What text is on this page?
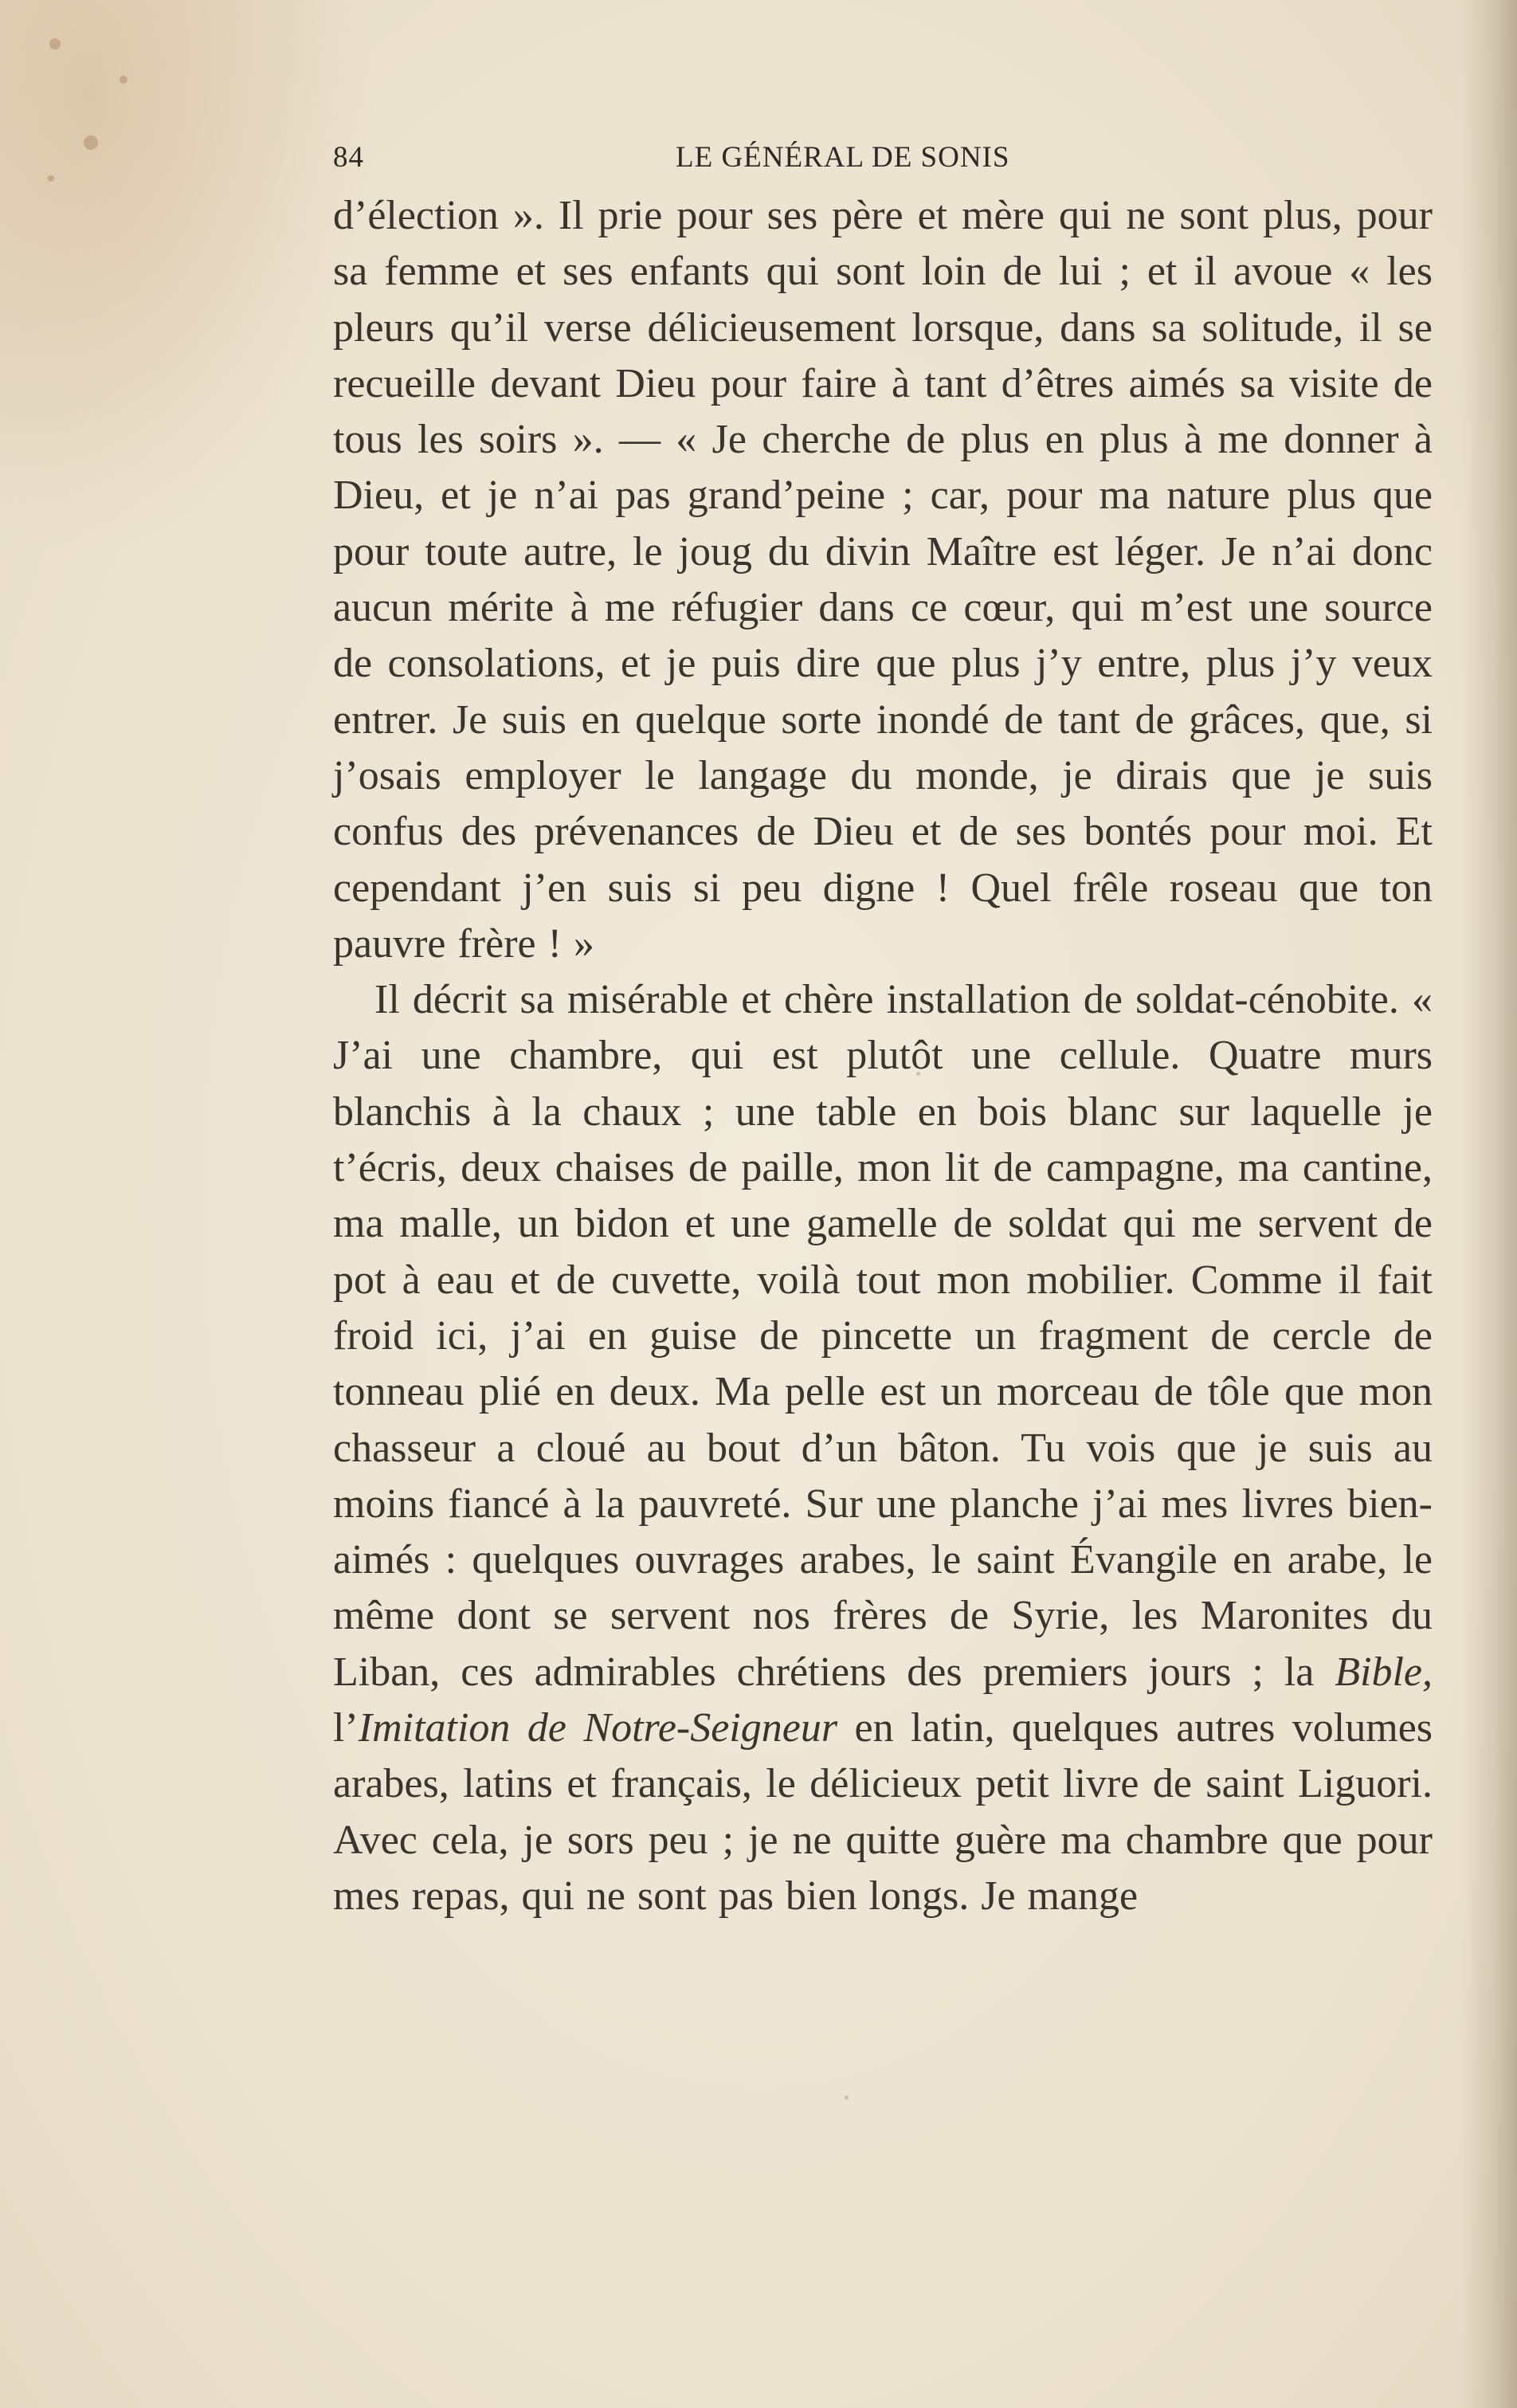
84	LE GÉNÉRAL DE SONIS

d’élection ». Il prie pour ses père et mère qui ne sont plus, pour sa femme et ses enfants qui sont loin de lui ; et il avoue « les pleurs qu’il verse délicieusement lorsque, dans sa solitude, il se recueille devant Dieu pour faire à tant d’êtres aimés sa visite de tous les soirs ». — « Je cherche de plus en plus à me donner à Dieu, et je n’ai pas grand’peine ; car, pour ma nature plus que pour toute autre, le joug du divin Maître est léger. Je n’ai donc aucun mérite à me réfugier dans ce cœur, qui m’est une source de consolations, et je puis dire que plus j’y entre, plus j’y veux entrer. Je suis en quelque sorte inondé de tant de grâces, que, si j’osais employer le langage du monde, je dirais que je suis confus des prévenances de Dieu et de ses bontés pour moi. Et cependant j’en suis si peu digne ! Quel frêle roseau que ton pauvre frère ! »

Il décrit sa misérable et chère installation de soldat-cénobite. « J’ai une chambre, qui est plutôt une cellule. Quatre murs blanchis à la chaux ; une table en bois blanc sur laquelle je t’écris, deux chaises de paille, mon lit de campagne, ma cantine, ma malle, un bidon et une gamelle de soldat qui me servent de pot à eau et de cuvette, voilà tout mon mobilier. Comme il fait froid ici, j’ai en guise de pincette un fragment de cercle de tonneau plié en deux. Ma pelle est un morceau de tôle que mon chasseur a cloué au bout d’un bâton. Tu vois que je suis au moins fiancé à la pauvreté. Sur une planche j’ai mes livres bien-aimés : quelques ouvrages arabes, le saint Évangile en arabe, le même dont se servent nos frères de Syrie, les Maronites du Liban, ces admirables chrétiens des premiers jours ; la Bible, l’Imitation de Notre-Seigneur en latin, quelques autres volumes arabes, latins et français, le délicieux petit livre de saint Liguori. Avec cela, je sors peu ; je ne quitte guère ma chambre que pour mes repas, qui ne sont pas bien longs. Je mange
